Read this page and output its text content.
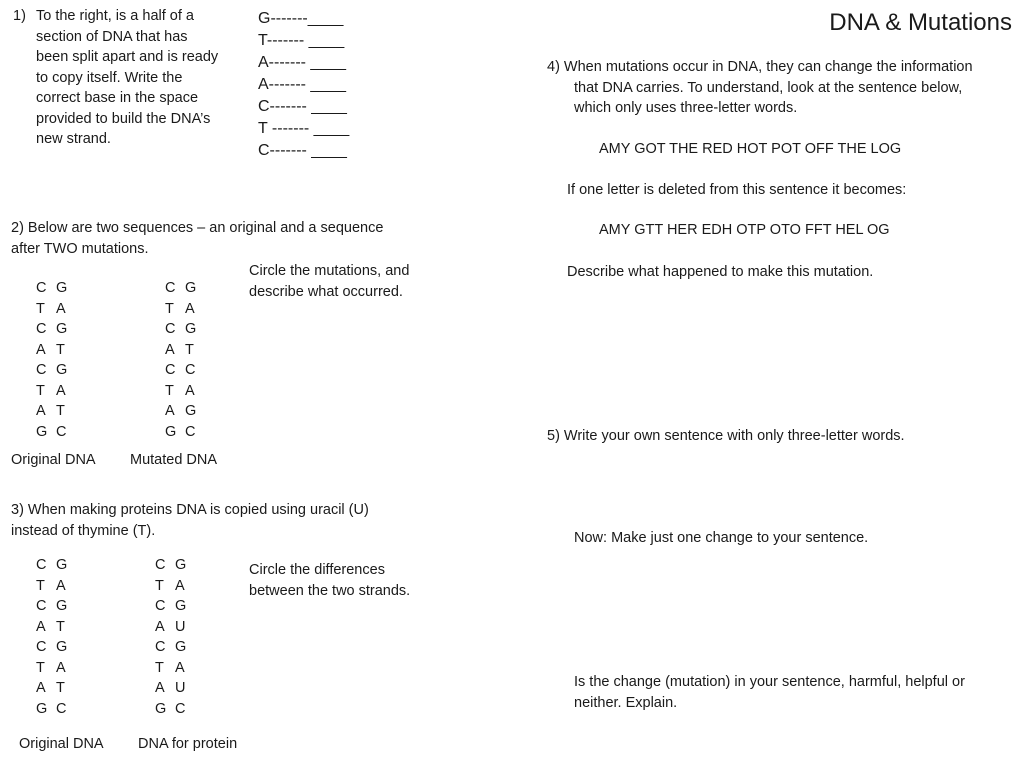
DNA & Mutations
1) To the right, is a half of a section of DNA that has been split apart and is ready to copy itself. Write the correct base in the space provided to build the DNA’s new strand.
G-------____
T------- ____
A------- ____
A------- ____
C------- ____
T ------- ____
C------- ____
2) Below are two sequences – an original and a sequence
after TWO mutations.
Circle the mutations, and describe what occurred.
C G
T A
C G
A T
C G
T A
A T
G C
C G
T A
C G
A T
C C
T A
A G
G C
Original DNA Mutated DNA
3) When making proteins DNA is copied using uracil (U)
instead of thymine (T).
Circle the differences between the two strands.
C G
T A
C G
A T
C G
T A
A T
G C
C G
T A
C G
A U
C G
T A
A U
G C
Original DNA DNA for protein
4) When mutations occur in DNA, they can change the information
that DNA carries. To understand, look at the sentence below,
which only uses three-letter words.
AMY GOT THE RED HOT POT OFF THE LOG
If one letter is deleted from this sentence it becomes:
AMY GTT HER EDH OTP OTO FFT HEL OG
Describe what happened to make this mutation.
5) Write your own sentence with only three-letter words.
Now: Make just one change to your sentence.
Is the change (mutation) in your sentence, harmful, helpful or
neither. Explain.
